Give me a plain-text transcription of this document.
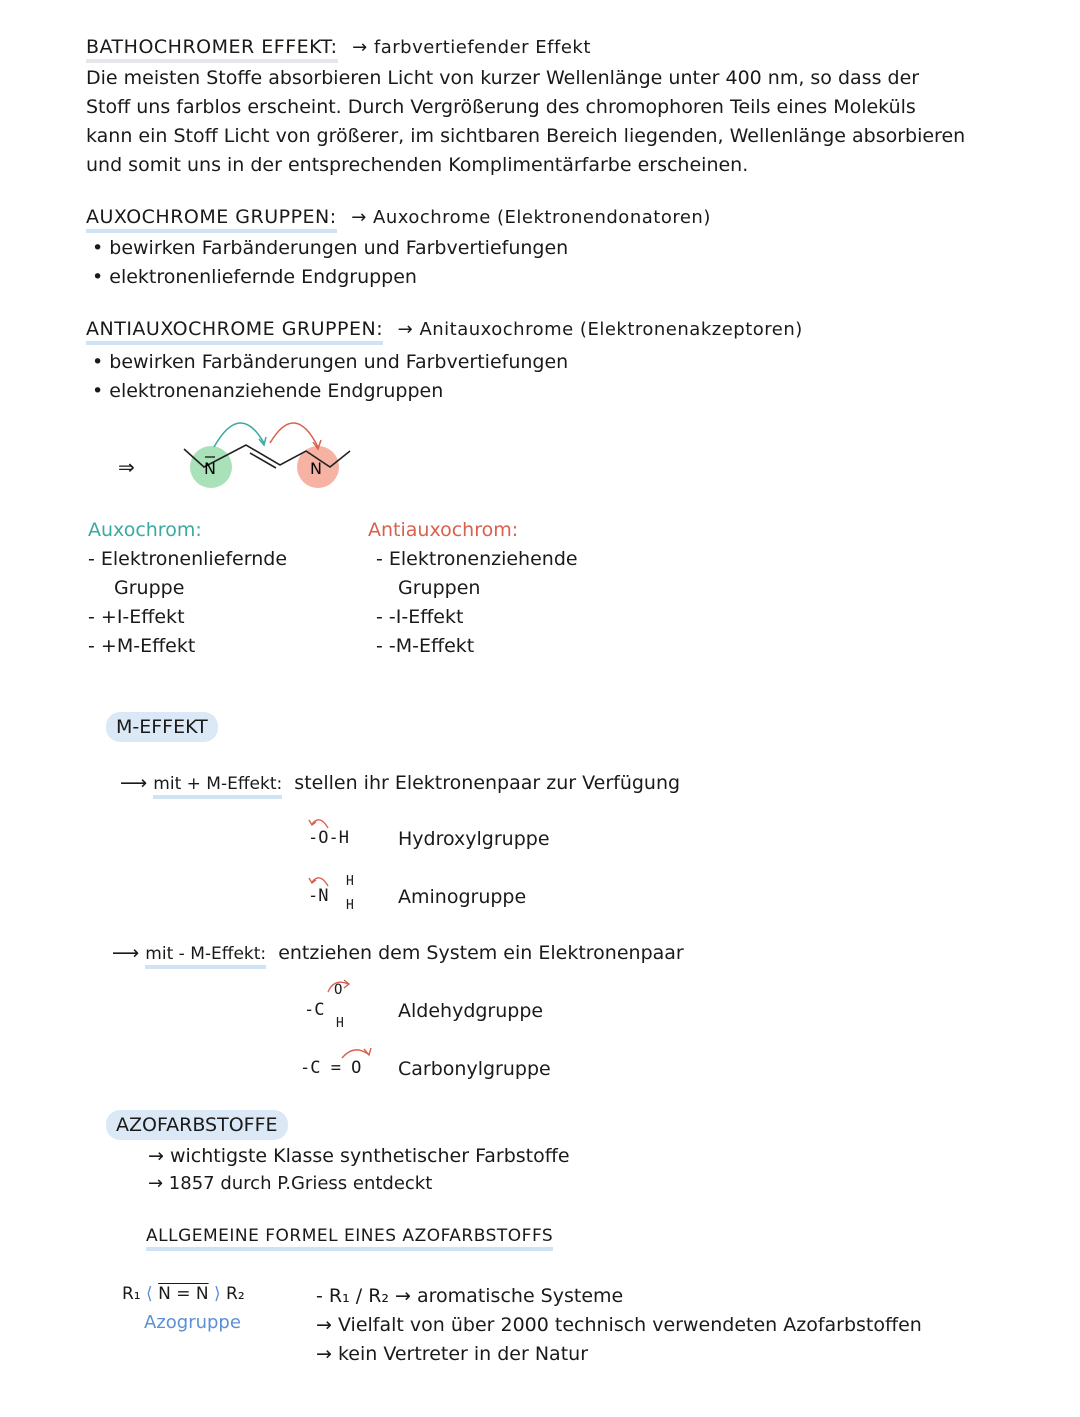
BATHOCHROMER EFFEKT: → farbvertiefender Effekt
Die meisten Stoffe absorbieren Licht von kurzer Wellenlänge unter 400 nm, so dass der
Stoff uns farblos erscheint. Durch Vergrößerung des chromophoren Teils eines Moleküls
kann ein Stoff Licht von größerer, im sichtbaren Bereich liegenden, Wellenlänge absorbieren
und somit uns in der entsprechenden Komplimentärfarbe erscheinen.
AUXOCHROME GRUPPEN: → Auxochrome (Elektronendonatoren)
• bewirken Farbänderungen und Farbvertiefungen
• elektronenliefernde Endgruppen
ANTIAUXOCHROME GRUPPEN: → Anitauxochrome (Elektronenakzeptoren)
• bewirken Farbänderungen und Farbvertiefungen
• elektronenanziehende Endgruppen
⇒	N	N
Auxochrom:
- Elektronenliefernde
Gruppe
- +I-Effekt
- +M-Effekt
Antiauxochrom:
- Elektronenziehende
Gruppen
- -I-Effekt
- -M-Effekt
M-EFFEKT
⟶ mit + M-Effekt: stellen ihr Elektronenpaar zur Verfügung
-O-H	Hydroxylgruppe
-N
H
H Aminogruppe
⟶ mit - M-Effekt: entziehen dem System ein Elektronenpaar
-C
O
H
Aldehydgruppe
-C = O Carbonylgruppe
AZOFARBSTOFFE
→ wichtigste Klasse synthetischer Farbstoffe
→ 1857 durch P.Griess entdeckt
ALLGEMEINE FORMEL EINES AZOFARBSTOFFS
R₁ ⟨ N = N ⟩ R₂
Azogruppe
- R₁ / R₂ → aromatische Systeme
→ Vielfalt von über 2000 technisch verwendeten Azofarbstoffen
→ kein Vertreter in der Natur
